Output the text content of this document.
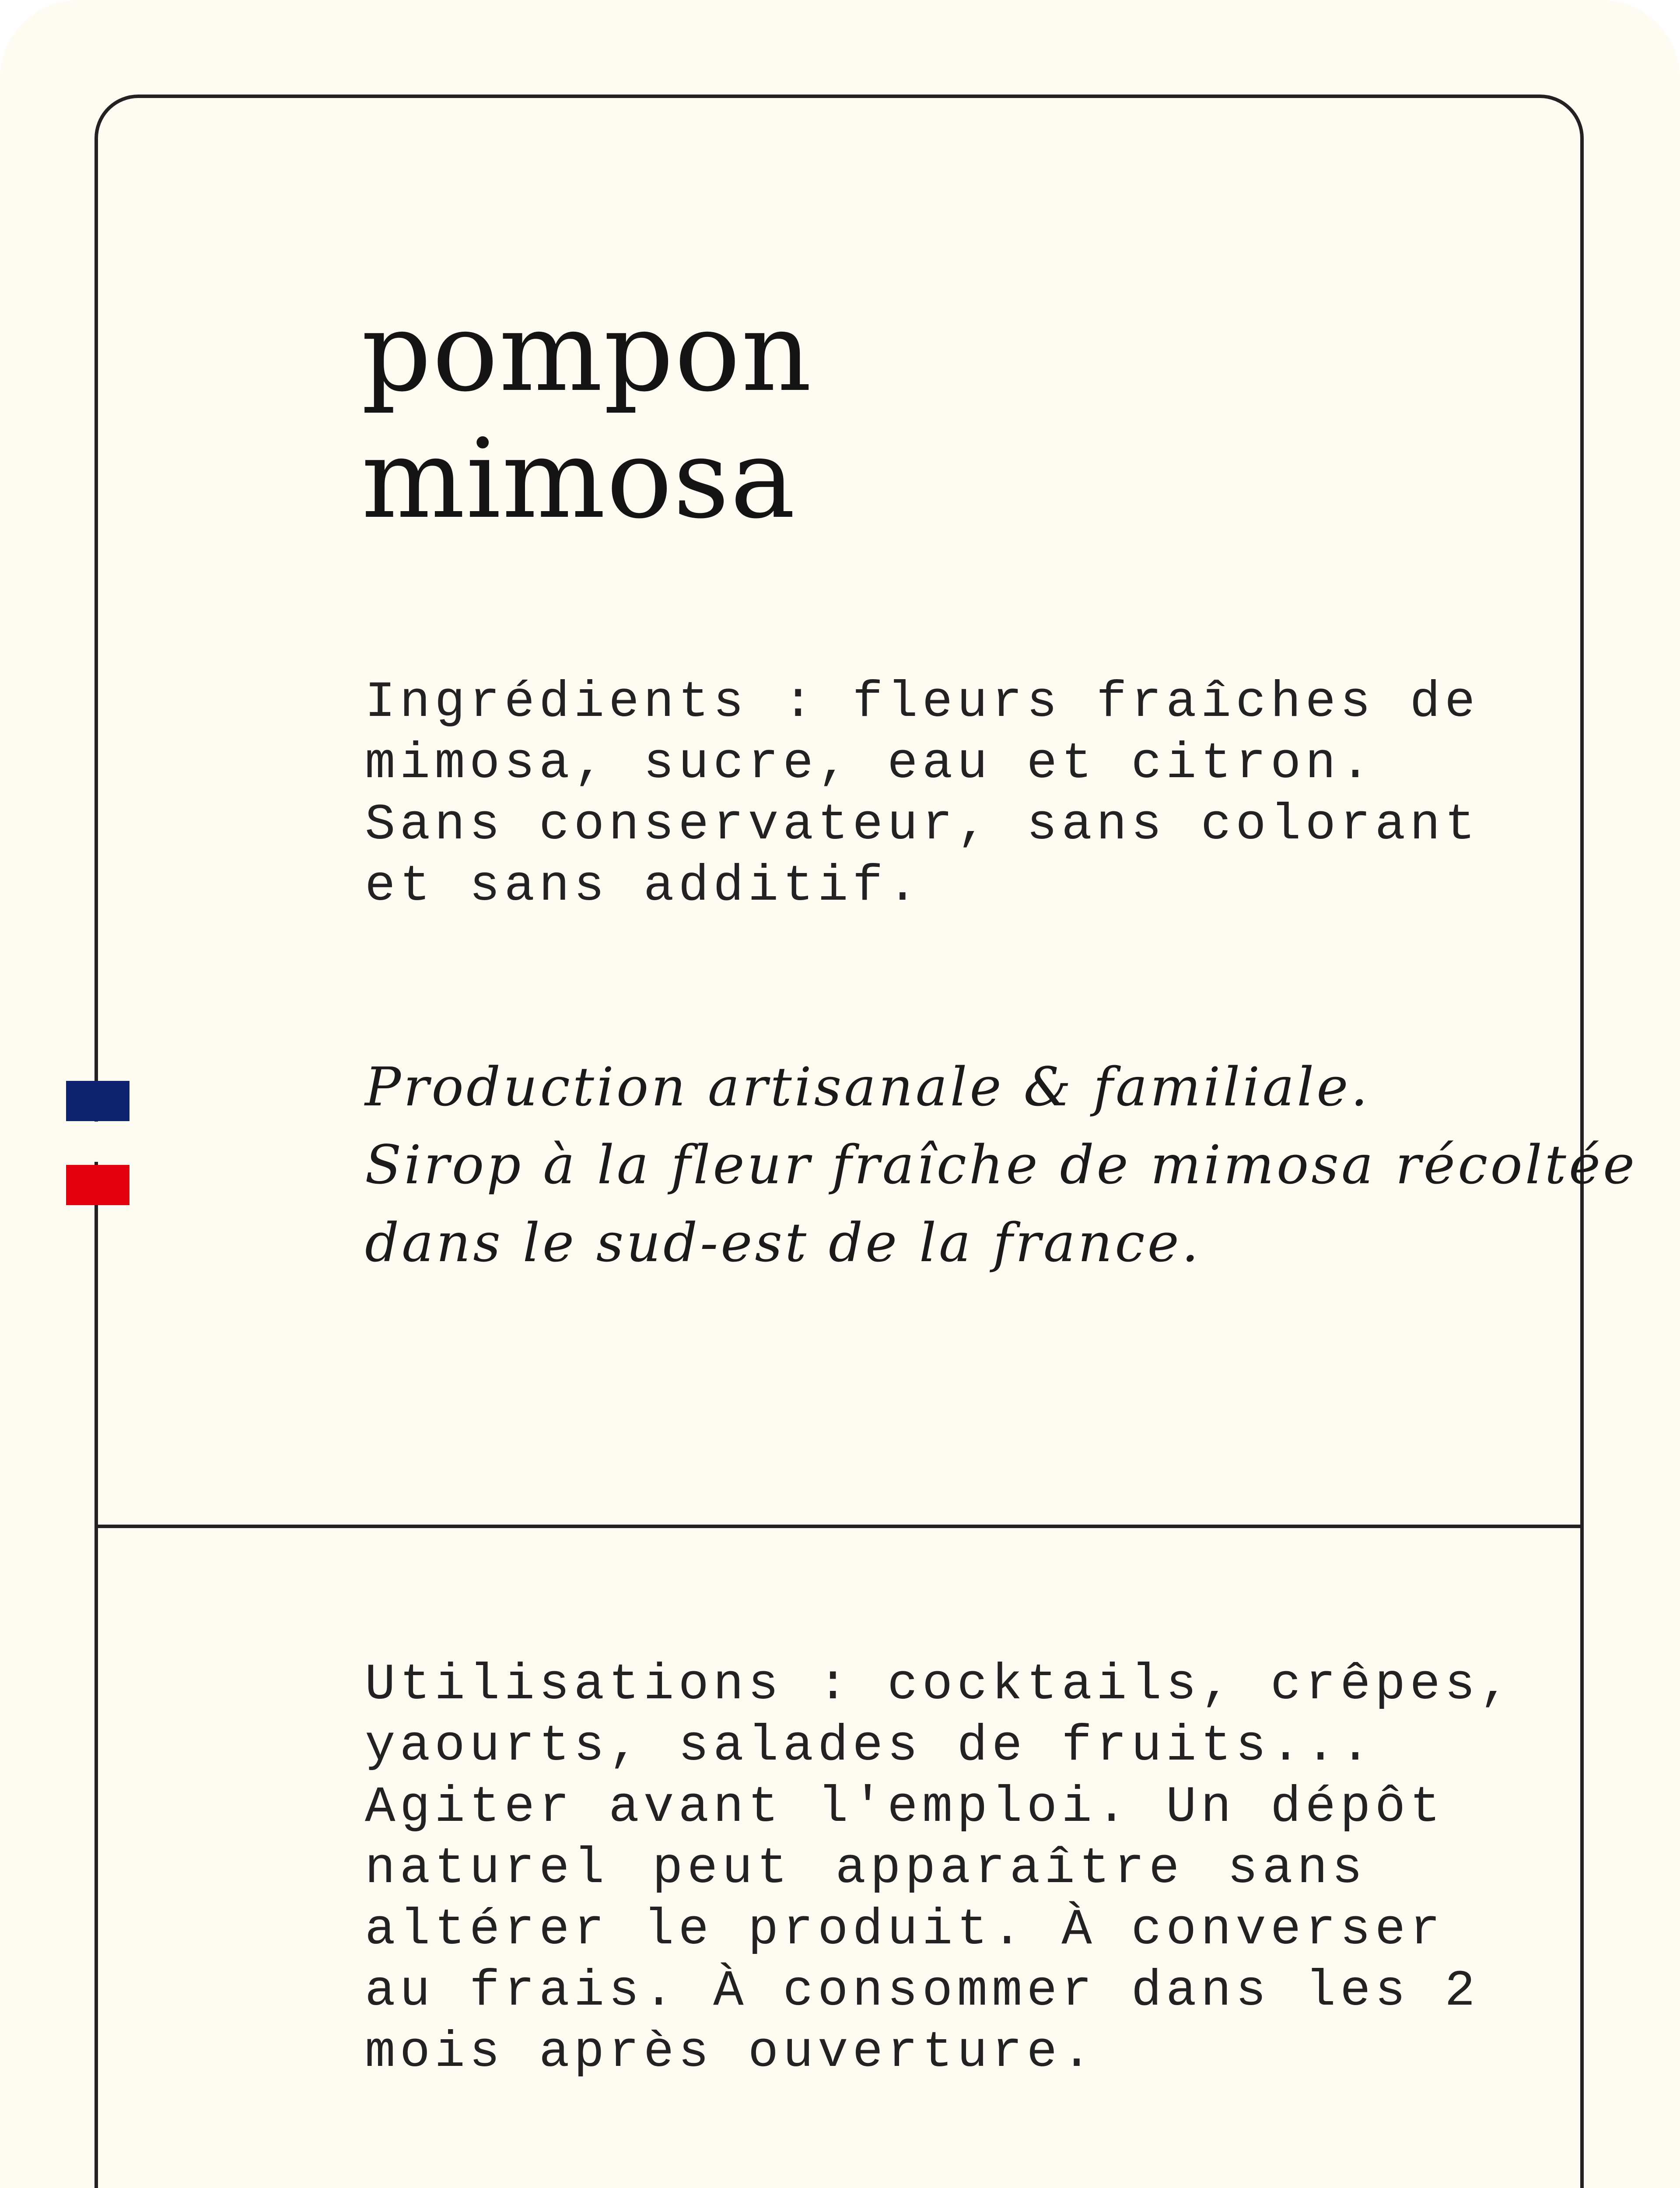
pompon
mimosa

Ingrédients : fleurs fraîches de
mimosa, sucre, eau et citron.
Sans conservateur, sans colorant
et sans additif.

Production artisanale & familiale.
Sirop à la fleur fraîche de mimosa récoltée
dans le sud-est de la france.

Utilisations : cocktails, crêpes,
yaourts, salades de fruits...
Agiter avant l'emploi. Un dépôt
naturel peut apparaître sans
altérer le produit. À converser
au frais. À consommer dans les 2
mois après ouverture.
